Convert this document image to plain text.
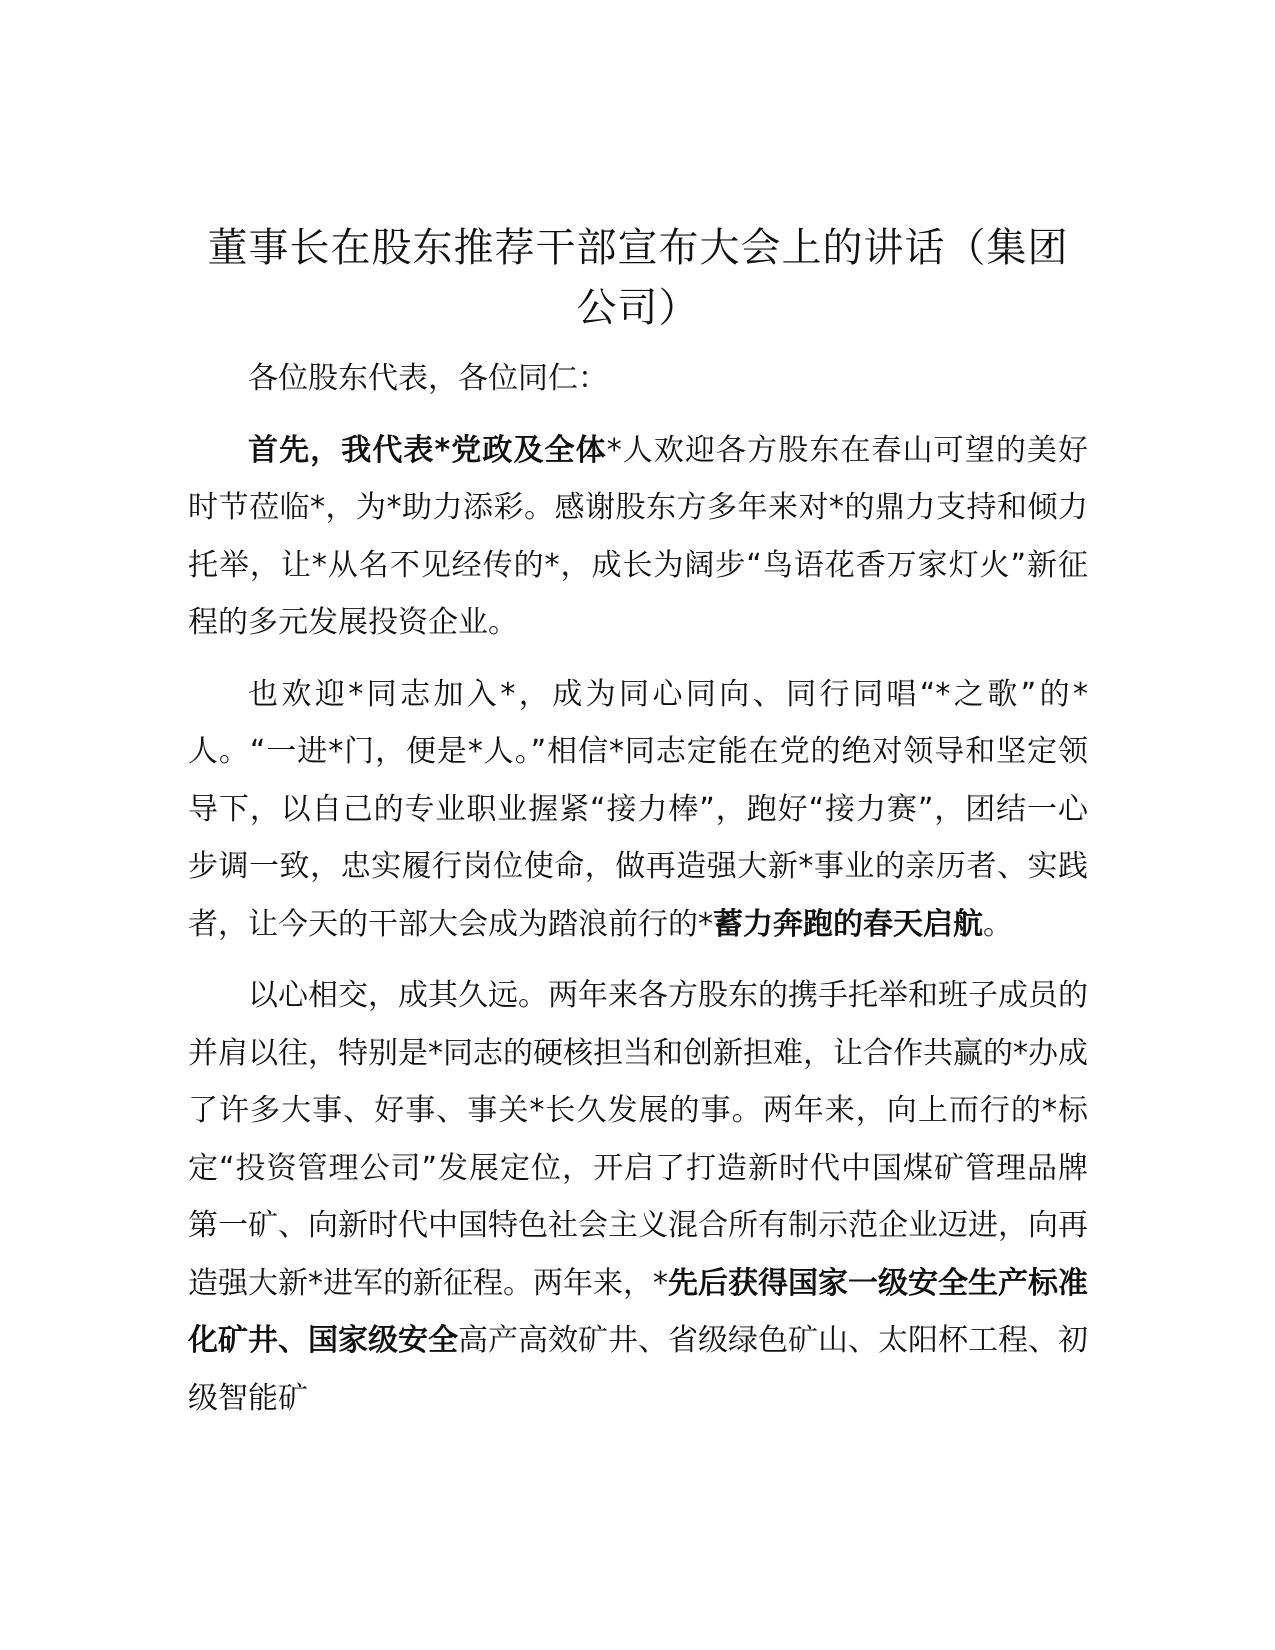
董事长在股东推荐干部宣布大会上的讲话（集团公司）

各位股东代表，各位同仁：

首先，我代表*党政及全体*人欢迎各方股东在春山可望的美好时节莅临*，为*助力添彩。感谢股东方多年来对*的鼎力支持和倾力托举，让*从名不见经传的*，成长为阔步“鸟语花香万家灯火”新征程的多元发展投资企业。

也欢迎*同志加入*，成为同心同向、同行同唱“*之歌”的*人。“一进*门，便是*人。”相信*同志定能在党的绝对领导和坚定领导下，以自己的专业职业握紧“接力棒”，跑好“接力赛”，团结一心步调一致，忠实履行岗位使命，做再造强大新*事业的亲历者、实践者，让今天的干部大会成为踏浪前行的*蓄力奔跑的春天启航。

以心相交，成其久远。两年来各方股东的携手托举和班子成员的并肩以往，特别是*同志的硬核担当和创新担难，让合作共赢的*办成了许多大事、好事、事关*长久发展的事。两年来，向上而行的*标定“投资管理公司”发展定位，开启了打造新时代中国煤矿管理品牌第一矿、向新时代中国特色社会主义混合所有制示范企业迈进，向再造强大新*进军的新征程。两年来，*先后获得国家一级安全生产标准化矿井、国家级安全高产高效矿井、省级绿色矿山、太阳杯工程、初级智能矿
